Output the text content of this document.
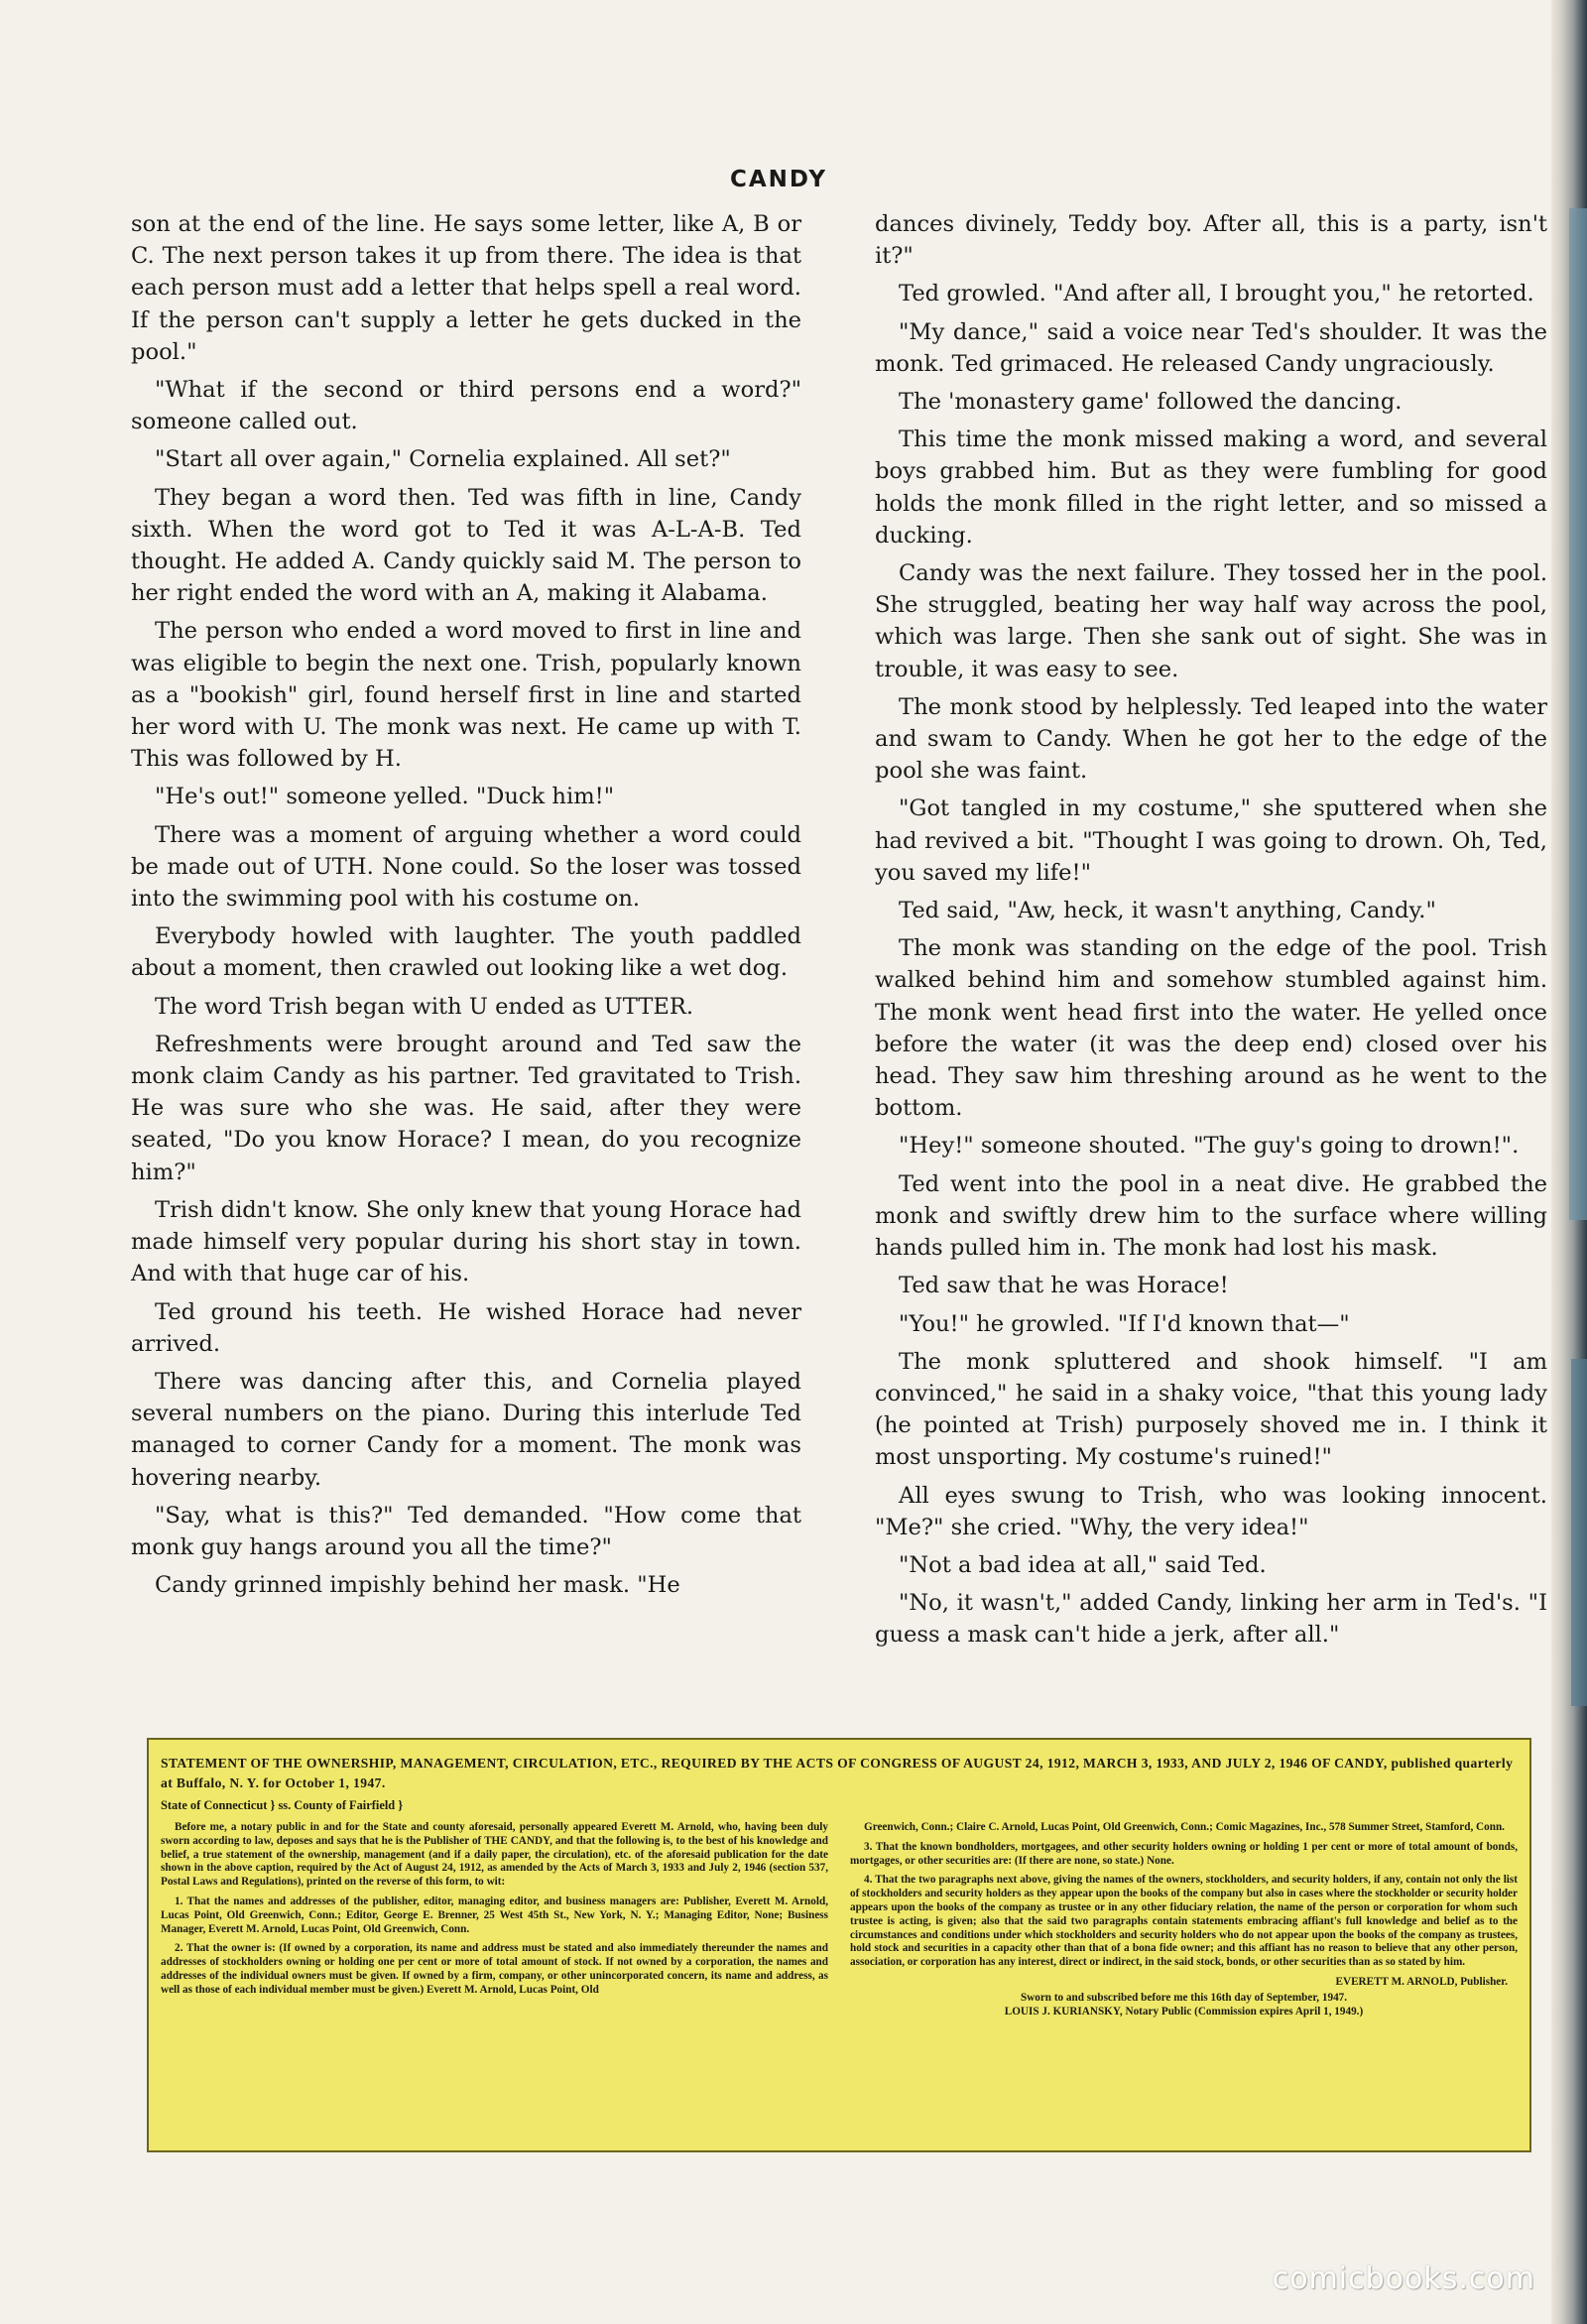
CANDY

son at the end of the line. He says some letter, like A, B or C. The next person takes it up from there. The idea is that each person must add a letter that helps spell a real word. If the person can't supply a letter he gets ducked in the pool."

"What if the second or third persons end a word?" someone called out.

"Start all over again," Cornelia explained. All set?"

They began a word then. Ted was fifth in line, Candy sixth. When the word got to Ted it was A-L-A-B. Ted thought. He added A. Candy quickly said M. The person to her right ended the word with an A, making it Alabama.

The person who ended a word moved to first in line and was eligible to begin the next one. Trish, popularly known as a "bookish" girl, found herself first in line and started her word with U. The monk was next. He came up with T. This was followed by H.

"He's out!" someone yelled. "Duck him!"

There was a moment of arguing whether a word could be made out of UTH. None could. So the loser was tossed into the swimming pool with his costume on.

Everybody howled with laughter. The youth paddled about a moment, then crawled out looking like a wet dog.

The word Trish began with U ended as UTTER.

Refreshments were brought around and Ted saw the monk claim Candy as his partner. Ted gravitated to Trish. He was sure who she was. He said, after they were seated, "Do you know Horace? I mean, do you recognize him?"

Trish didn't know. She only knew that young Horace had made himself very popular during his short stay in town. And with that huge car of his.

Ted ground his teeth. He wished Horace had never arrived.

There was dancing after this, and Cornelia played several numbers on the piano. During this interlude Ted managed to corner Candy for a moment. The monk was hovering nearby.

"Say, what is this?" Ted demanded. "How come that monk guy hangs around you all the time?"

Candy grinned impishly behind her mask. "He

dances divinely, Teddy boy. After all, this is a party, isn't it?"

Ted growled. "And after all, I brought you," he retorted.

"My dance," said a voice near Ted's shoulder. It was the monk. Ted grimaced. He released Candy ungraciously.

The 'monastery game' followed the dancing.

This time the monk missed making a word, and several boys grabbed him. But as they were fumbling for good holds the monk filled in the right letter, and so missed a ducking.

Candy was the next failure. They tossed her in the pool. She struggled, beating her way half way across the pool, which was large. Then she sank out of sight. She was in trouble, it was easy to see.

The monk stood by helplessly. Ted leaped into the water and swam to Candy. When he got her to the edge of the pool she was faint.

"Got tangled in my costume," she sputtered when she had revived a bit. "Thought I was going to drown. Oh, Ted, you saved my life!"

Ted said, "Aw, heck, it wasn't anything, Candy."

The monk was standing on the edge of the pool. Trish walked behind him and somehow stumbled against him. The monk went head first into the water. He yelled once before the water (it was the deep end) closed over his head. They saw him threshing around as he went to the bottom.

"Hey!" someone shouted. "The guy's going to drown!".

Ted went into the pool in a neat dive. He grabbed the monk and swiftly drew him to the surface where willing hands pulled him in. The monk had lost his mask.

Ted saw that he was Horace!

"You!" he growled. "If I'd known that—"

The monk spluttered and shook himself. "I am convinced," he said in a shaky voice, "that this young lady (he pointed at Trish) purposely shoved me in. I think it most unsporting. My costume's ruined!"

All eyes swung to Trish, who was looking innocent. "Me?" she cried. "Why, the very idea!"

"Not a bad idea at all," said Ted.

"No, it wasn't," added Candy, linking her arm in Ted's. "I guess a mask can't hide a jerk, after all."

STATEMENT OF THE OWNERSHIP, MANAGEMENT, CIRCULATION, ETC., REQUIRED BY THE ACTS OF CONGRESS OF AUGUST 24, 1912, MARCH 3, 1933, AND JULY 2, 1946 OF CANDY, published quarterly at Buffalo, N. Y. for October 1, 1947.
State of Connecticut } ss. County of Fairfield }

Before me, a notary public in and for the State and county aforesaid, personally appeared Everett M. Arnold, who, having been duly sworn according to law, deposes and says that he is the Publisher of THE CANDY, and that the following is, to the best of his knowledge and belief, a true statement of the ownership, management (and if a daily paper, the circulation), etc. of the aforesaid publication for the date shown in the above caption, required by the Act of August 24, 1912, as amended by the Acts of March 3, 1933 and July 2, 1946 (section 537, Postal Laws and Regulations), printed on the reverse of this form, to wit:

1. That the names and addresses of the publisher, editor, managing editor, and business managers are: Publisher, Everett M. Arnold, Lucas Point, Old Greenwich, Conn.; Editor, George E. Brenner, 25 West 45th St., New York, N. Y.; Managing Editor, None; Business Manager, Everett M. Arnold, Lucas Point, Old Greenwich, Conn.

2. That the owner is: (If owned by a corporation, its name and address must be stated and also immediately thereunder the names and addresses of stockholders owning or holding one per cent or more of total amount of stock. If not owned by a corporation, the names and addresses of the individual owners must be given. If owned by a firm, company, or other unincorporated concern, its name and address, as well as those of each individual member must be given.) Everett M. Arnold, Lucas Point, Old

Greenwich, Conn.; Claire C. Arnold, Lucas Point, Old Greenwich, Conn.; Comic Magazines, Inc., 578 Summer Street, Stamford, Conn.

3. That the known bondholders, mortgagees, and other security holders owning or holding 1 per cent or more of total amount of bonds, mortgages, or other securities are: (If there are none, so state.) None.

4. That the two paragraphs next above, giving the names of the owners, stockholders, and security holders, if any, contain not only the list of stockholders and security holders as they appear upon the books of the company but also in cases where the stockholder or security holder appears upon the books of the company as trustee or in any other fiduciary relation, the name of the person or corporation for whom such trustee is acting, is given; also that the said two paragraphs contain statements embracing affiant's full knowledge and belief as to the circumstances and conditions under which stockholders and security holders who do not appear upon the books of the company as trustees, hold stock and securities in a capacity other than that of a bona fide owner; and this affiant has no reason to believe that any other person, association, or corporation has any interest, direct or indirect, in the said stock, bonds, or other securities than as so stated by him.

EVERETT M. ARNOLD, Publisher.

Sworn to and subscribed before me this 16th day of September, 1947.

LOUIS J. KURIANSKY, Notary Public (Commission expires April 1, 1949.)

comicbooks.com
